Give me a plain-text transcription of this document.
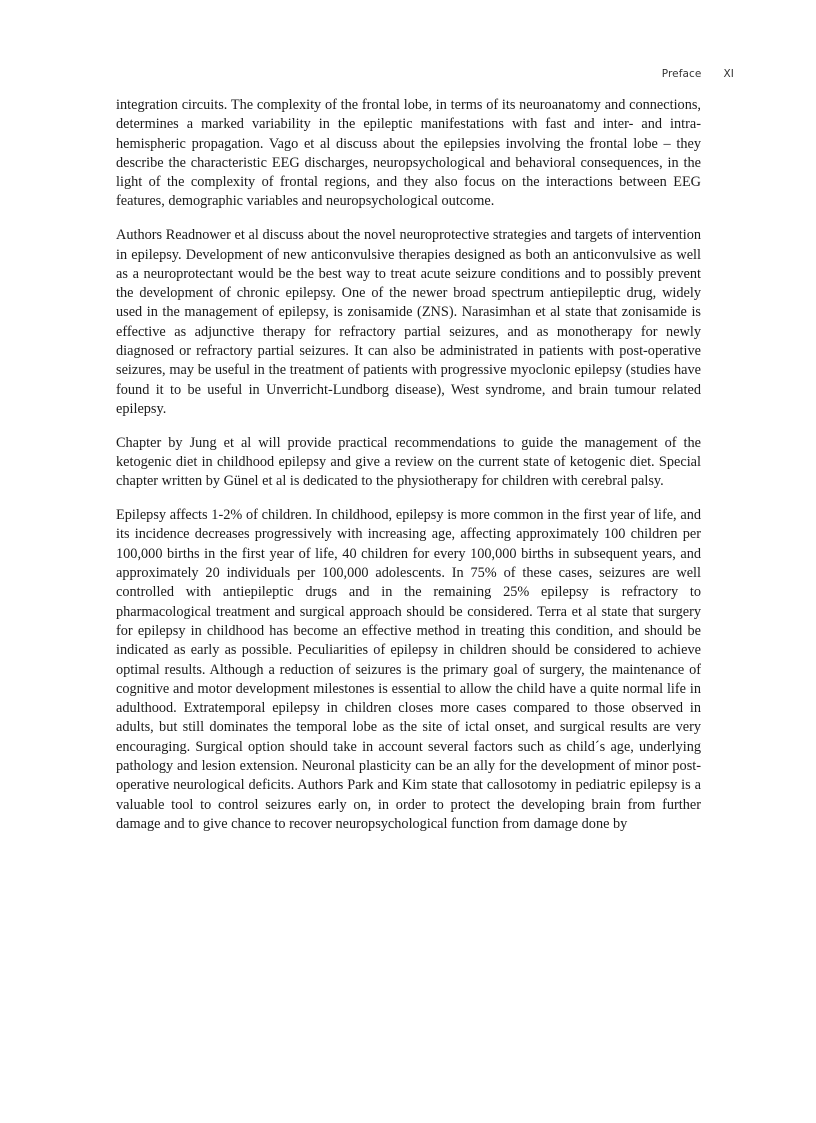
Preface XI

integration circuits. The complexity of the frontal lobe, in terms of its neuroanatomy and connections, determines a marked variability in the epileptic manifestations with fast and inter- and intra-hemispheric propagation. Vago et al discuss about the epilepsies involving the frontal lobe – they describe the characteristic EEG discharges, neuropsychological and behavioral consequences, in the light of the complexity of frontal regions, and they also focus on the interactions between EEG features, demographic variables and neuropsychological outcome.

Authors Readnower et al discuss about the novel neuroprotective strategies and targets of intervention in epilepsy. Development of new anticonvulsive therapies designed as both an anticonvulsive as well as a neuroprotectant would be the best way to treat acute seizure conditions and to possibly prevent the development of chronic epilepsy. One of the newer broad spectrum antiepileptic drug, widely used in the management of epilepsy, is zonisamide (ZNS). Narasimhan et al state that zonisamide is effective as adjunctive therapy for refractory partial seizures, and as monotherapy for newly diagnosed or refractory partial seizures. It can also be administrated in patients with post-operative seizures, may be useful in the treatment of patients with progressive myoclonic epilepsy (studies have found it to be useful in Unverricht-Lundborg disease), West syndrome, and brain tumour related epilepsy.

Chapter by Jung et al will provide practical recommendations to guide the management of the ketogenic diet in childhood epilepsy and give a review on the current state of ketogenic diet. Special chapter written by Günel et al is dedicated to the physiotherapy for children with cerebral palsy.

Epilepsy affects 1-2% of children. In childhood, epilepsy is more common in the first year of life, and its incidence decreases progressively with increasing age, affecting approximately 100 children per 100,000 births in the first year of life, 40 children for every 100,000 births in subsequent years, and approximately 20 individuals per 100,000 adolescents. In 75% of these cases, seizures are well controlled with antiepileptic drugs and in the remaining 25% epilepsy is refractory to pharmacological treatment and surgical approach should be considered. Terra et al state that surgery for epilepsy in childhood has become an effective method in treating this condition, and should be indicated as early as possible. Peculiarities of epilepsy in children should be considered to achieve optimal results. Although a reduction of seizures is the primary goal of surgery, the maintenance of cognitive and motor development milestones is essential to allow the child have a quite normal life in adulthood. Extratemporal epilepsy in children closes more cases compared to those observed in adults, but still dominates the temporal lobe as the site of ictal onset, and surgical results are very encouraging. Surgical option should take in account several factors such as child´s age, underlying pathology and lesion extension. Neuronal plasticity can be an ally for the development of minor post-operative neurological deficits. Authors Park and Kim state that callosotomy in pediatric epilepsy is a valuable tool to control seizures early on, in order to protect the developing brain from further damage and to give chance to recover neuropsychological function from damage done by
